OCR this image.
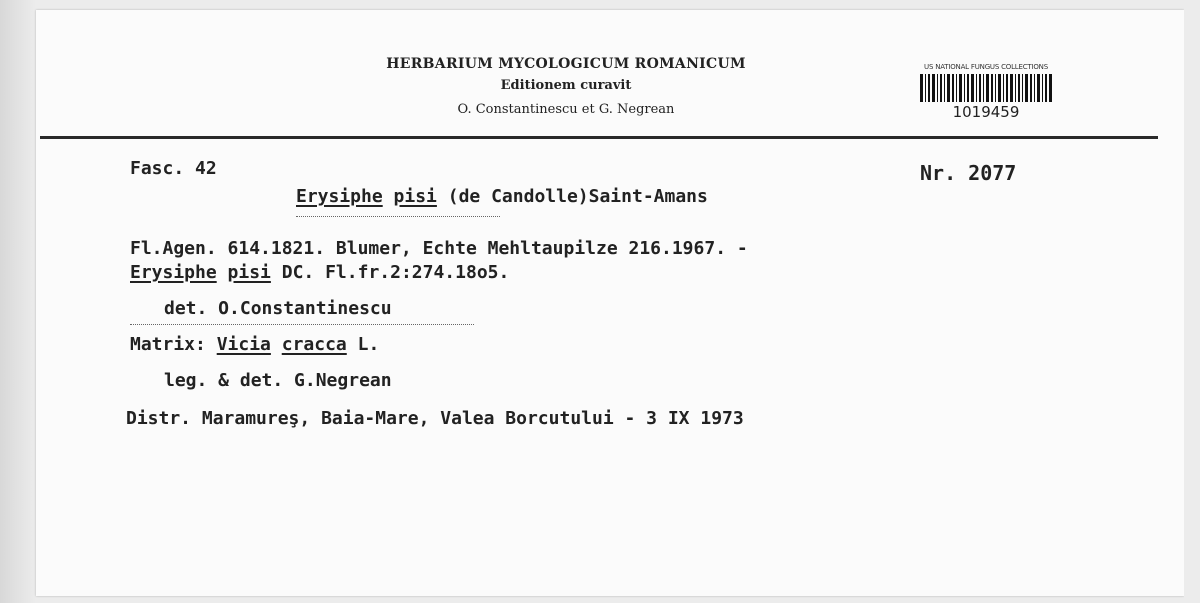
HERBARIUM MYCOLOGICUM ROMANICUM
Editionem curavit
O. Constantinescu et G. Negrean
US NATIONAL FUNGUS COLLECTIONS
1019459
Fasc. 42	Nr. 2077
Erysiphe pisi (de Candolle)Saint-Amans
Fl.Agen. 614.1821. Blumer, Echte Mehltaupilze 216.1967. -
Erysiphe pisi DC. Fl.fr.2:274.18o5.
det. O.Constantinescu
Matrix: Vicia cracca L.
leg. & det. G.Negrean
Distr. Maramureş, Baia-Mare, Valea Borcutului - 3 IX 1973
